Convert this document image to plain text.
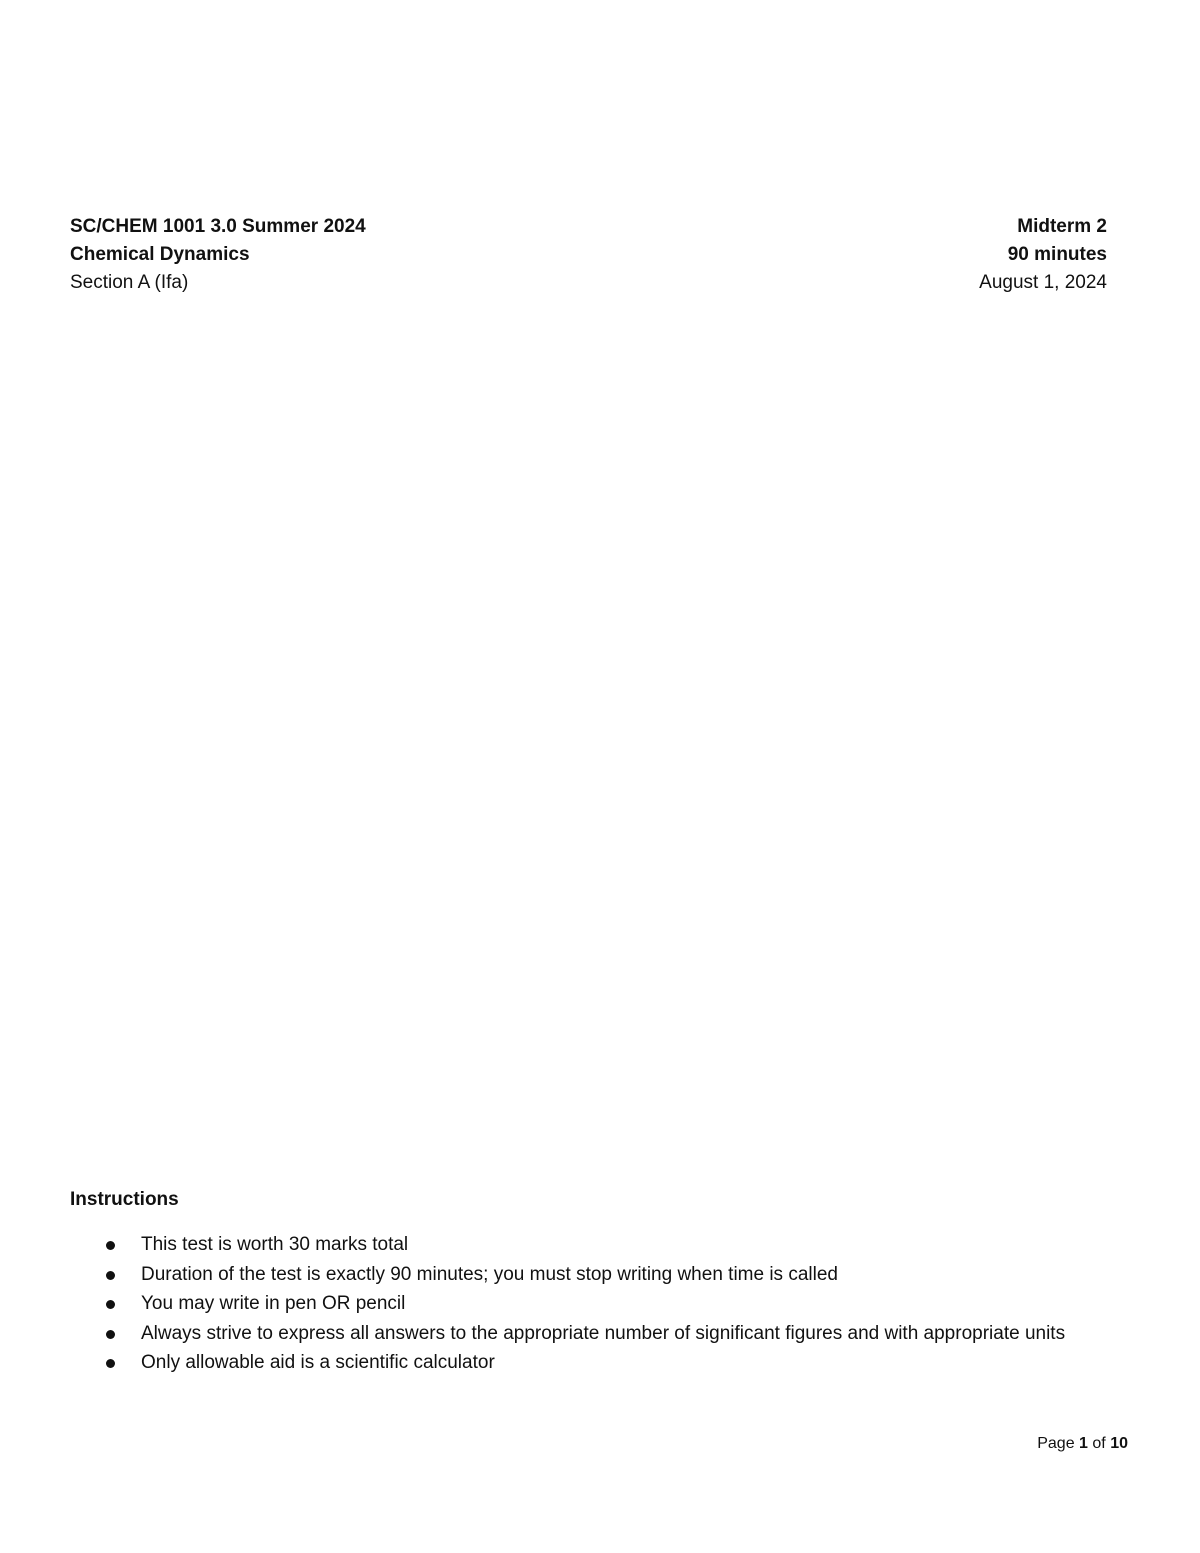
SC/CHEM 1001 3.0 Summer 2024
Chemical Dynamics
Section A (Ifa)
Midterm 2
90 minutes
August 1, 2024
Instructions
This test is worth 30 marks total
Duration of the test is exactly 90 minutes; you must stop writing when time is called
You may write in pen OR pencil
Always strive to express all answers to the appropriate number of significant figures and with appropriate units
Only allowable aid is a scientific calculator
Page 1 of 10
